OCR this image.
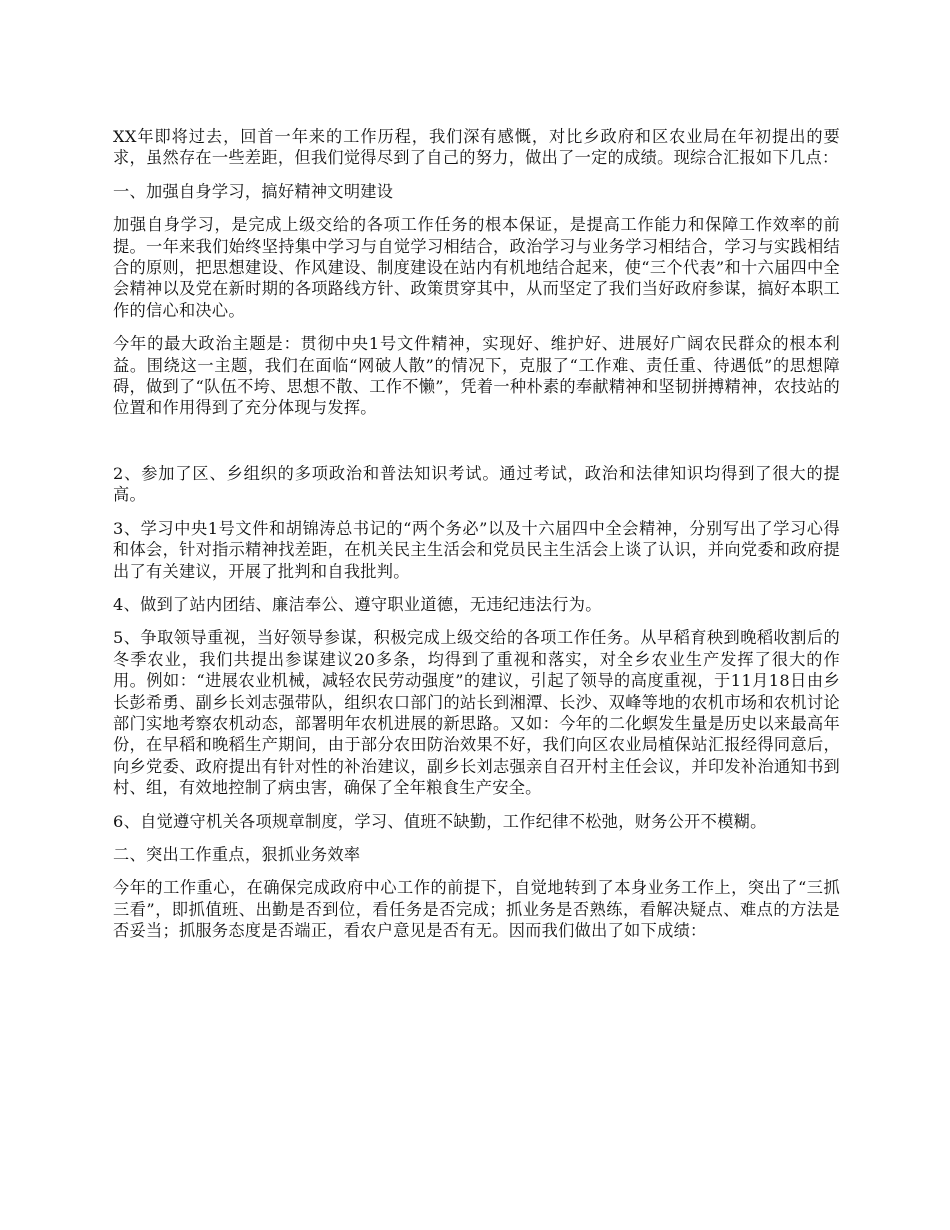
XX年即将过去，回首一年来的工作历程，我们深有感慨，对比乡政府和区农业局在年初提出的要求，虽然存在一些差距，但我们觉得尽到了自己的努力，做出了一定的成绩。现综合汇报如下几点：

一、加强自身学习，搞好精神文明建设

加强自身学习，是完成上级交给的各项工作任务的根本保证，是提高工作能力和保障工作效率的前提。一年来我们始终坚持集中学习与自觉学习相结合，政治学习与业务学习相结合，学习与实践相结合的原则，把思想建设、作风建设、制度建设在站内有机地结合起来，使“三个代表”和十六届四中全会精神以及党在新时期的各项路线方针、政策贯穿其中，从而坚定了我们当好政府参谋，搞好本职工作的信心和决心。

今年的最大政治主题是：贯彻中央1号文件精神，实现好、维护好、进展好广阔农民群众的根本利益。围绕这一主题，我们在面临“网破人散”的情况下，克服了“工作难、责任重、待遇低”的思想障碍，做到了“队伍不垮、思想不散、工作不懒”，凭着一种朴素的奉献精神和坚韧拼搏精神，农技站的位置和作用得到了充分体现与发挥。

2、参加了区、乡组织的多项政治和普法知识考试。通过考试，政治和法律知识均得到了很大的提高。

3、学习中央1号文件和胡锦涛总书记的“两个务必”以及十六届四中全会精神，分别写出了学习心得和体会，针对指示精神找差距，在机关民主生活会和党员民主生活会上谈了认识，并向党委和政府提出了有关建议，开展了批判和自我批判。

4、做到了站内团结、廉洁奉公、遵守职业道德，无违纪违法行为。

5、争取领导重视，当好领导参谋，积极完成上级交给的各项工作任务。从早稻育秧到晚稻收割后的冬季农业，我们共提出参谋建议20多条，均得到了重视和落实，对全乡农业生产发挥了很大的作用。例如：“进展农业机械，减轻农民劳动强度”的建议，引起了领导的高度重视，于11月18日由乡长彭希勇、副乡长刘志强带队，组织农口部门的站长到湘潭、长沙、双峰等地的农机市场和农机讨论部门实地考察农机动态，部署明年农机进展的新思路。又如：今年的二化螟发生量是历史以来最高年份，在早稻和晚稻生产期间，由于部分农田防治效果不好，我们向区农业局植保站汇报经得同意后，向乡党委、政府提出有针对性的补治建议，副乡长刘志强亲自召开村主任会议，并印发补治通知书到村、组，有效地控制了病虫害，确保了全年粮食生产安全。

6、自觉遵守机关各项规章制度，学习、值班不缺勤，工作纪律不松弛，财务公开不模糊。

二、突出工作重点，狠抓业务效率

今年的工作重心，在确保完成政府中心工作的前提下，自觉地转到了本身业务工作上，突出了“三抓三看”，即抓值班、出勤是否到位，看任务是否完成；抓业务是否熟练，看解决疑点、难点的方法是否妥当；抓服务态度是否端正，看农户意见是否有无。因而我们做出了如下成绩：
